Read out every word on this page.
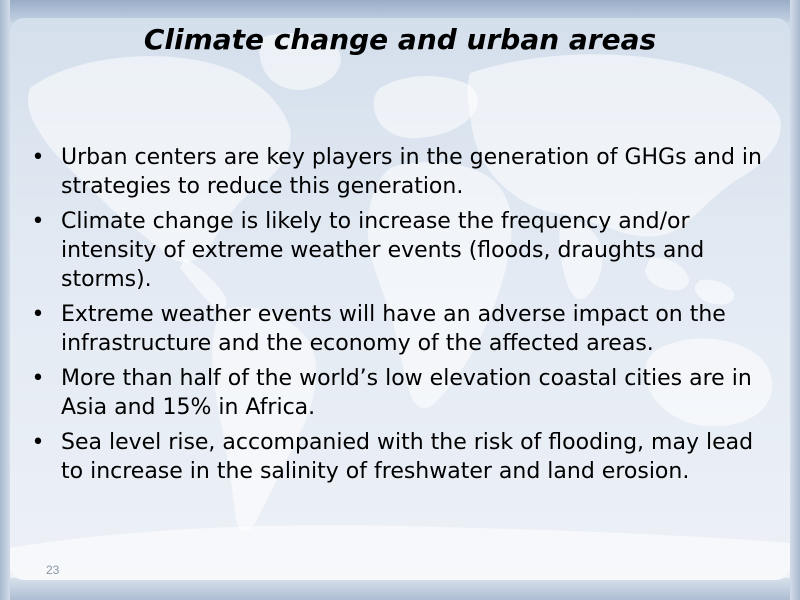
Climate change and urban areas
• Urban centers are key players in the generation of GHGs and in strategies to reduce this generation.
• Climate change is likely to increase the frequency and/or intensity of extreme weather events (floods, draughts and storms).
• Extreme weather events will have an adverse impact on the infrastructure and the economy of the affected areas.
• More than half of the world’s low elevation coastal cities are in Asia and 15% in Africa.
• Sea level rise, accompanied with the risk of flooding, may lead to increase in the salinity of freshwater and land erosion.
23
